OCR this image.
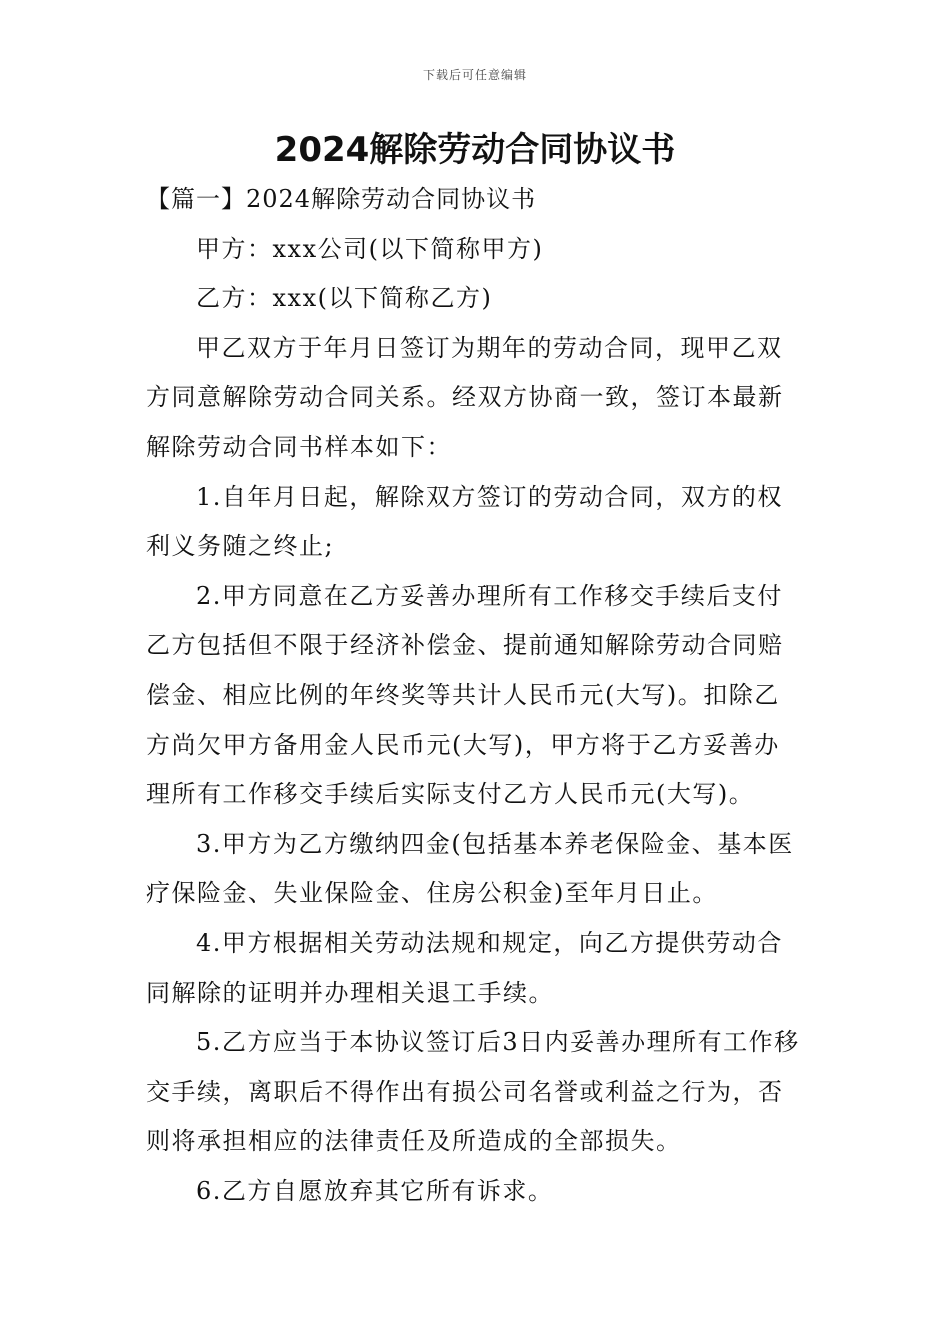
下载后可任意编辑
2024解除劳动合同协议书
【篇一】2024解除劳动合同协议书
甲方：xxx公司(以下简称甲方)
乙方：xxx(以下简称乙方)
甲乙双方于年月日签订为期年的劳动合同，现甲乙双
方同意解除劳动合同关系。经双方协商一致，签订本最新
解除劳动合同书样本如下：
1.自年月日起，解除双方签订的劳动合同，双方的权
利义务随之终止;
2.甲方同意在乙方妥善办理所有工作移交手续后支付
乙方包括但不限于经济补偿金、提前通知解除劳动合同赔
偿金、相应比例的年终奖等共计人民币元(大写)。扣除乙
方尚欠甲方备用金人民币元(大写)，甲方将于乙方妥善办
理所有工作移交手续后实际支付乙方人民币元(大写)。
3.甲方为乙方缴纳四金(包括基本养老保险金、基本医
疗保险金、失业保险金、住房公积金)至年月日止。
4.甲方根据相关劳动法规和规定，向乙方提供劳动合
同解除的证明并办理相关退工手续。
5.乙方应当于本协议签订后3日内妥善办理所有工作移
交手续，离职后不得作出有损公司名誉或利益之行为，否
则将承担相应的法律责任及所造成的全部损失。
6.乙方自愿放弃其它所有诉求。
